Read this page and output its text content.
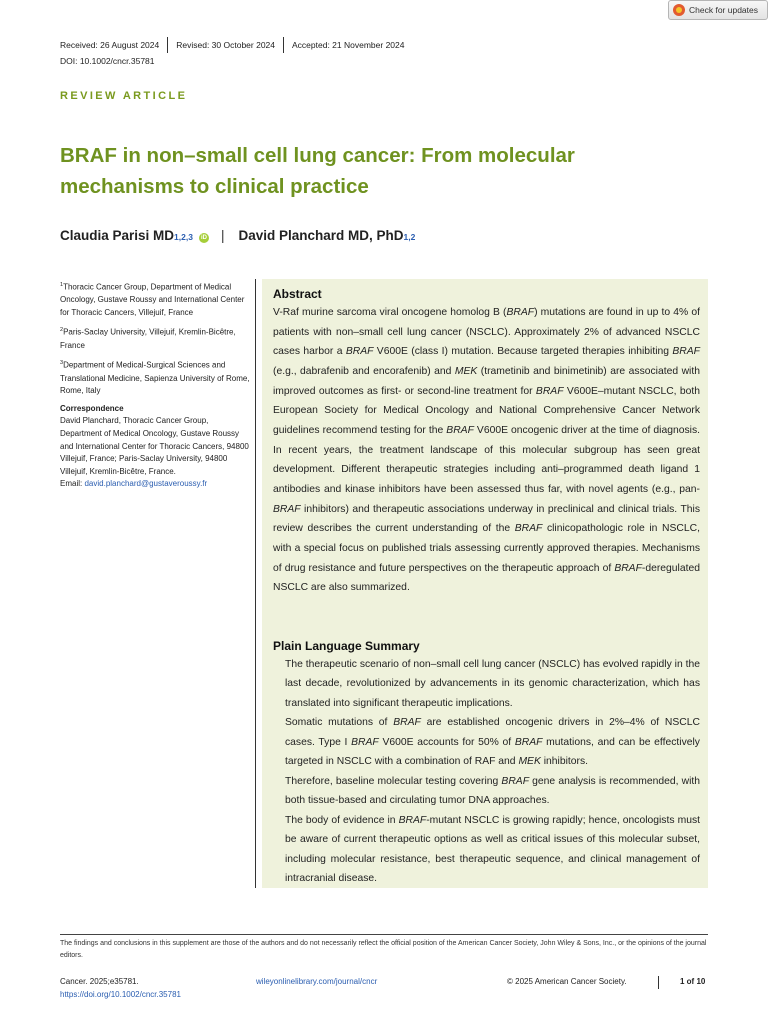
Check for updates
Received: 26 August 2024	Revised: 30 October 2024	Accepted: 21 November 2024
DOI: 10.1002/cncr.35781
REVIEW ARTICLE
BRAF in non–small cell lung cancer: From molecular mechanisms to clinical practice
Claudia Parisi MD 1,2,3	iD | David Planchard MD, PhD 1,2

$^1$Thoracic Cancer Group, Department of Medical Oncology, Gustave Roussy and International Center for Thoracic Cancers, Villejuif, France

$^2$Paris-Saclay University, Villejuif, Kremlin-Bicêtre, France

$^3$Department of Medical-Surgical Sciences and Translational Medicine, Sapienza University of Rome, Rome, Italy

Correspondence
David Planchard, Thoracic Cancer Group, Department of Medical Oncology, Gustave Roussy and International Center for Thoracic Cancers, 94800 Villejuif, France; Paris-Saclay University, 94800 Villejuif, Kremlin-Bicêtre, France.
Email: david.planchard@gustaveroussy.fr
Abstract
V-Raf murine sarcoma viral oncogene homolog B (BRAF) mutations are found in up to 4% of patients with non–small cell lung cancer (NSCLC). Approximately 2% of advanced NSCLC cases harbor a BRAF V600E (class I) mutation. Because targeted therapies inhibiting BRAF (e.g., dabrafenib and encorafenib) and MEK (trametinib and binimetinib) are associated with improved outcomes as first- or second-line treatment for BRAF V600E–mutant NSCLC, both European Society for Medical Oncology and National Comprehensive Cancer Network guidelines recommend testing for the BRAF V600E oncogenic driver at the time of diagnosis. In recent years, the treatment landscape of this molecular subgroup has seen great development. Different therapeutic strategies including anti–programmed death ligand 1 antibodies and kinase inhibitors have been assessed thus far, with novel agents (e.g., pan-BRAF inhibitors) and therapeutic associations underway in preclinical and clinical trials. This review describes the current understanding of the BRAF clinicopathologic role in NSCLC, with a special focus on published trials assessing currently approved therapies. Mechanisms of drug resistance and future perspectives on the therapeutic approach of BRAF-deregulated NSCLC are also summarized.
Plain Language Summary
The therapeutic scenario of non–small cell lung cancer (NSCLC) has evolved rapidly in the last decade, revolutionized by advancements in its genomic characterization, which has translated into significant therapeutic implications.
Somatic mutations of BRAF are established oncogenic drivers in 2%–4% of NSCLC cases. Type I BRAF V600E accounts for 50% of BRAF mutations, and can be effectively targeted in NSCLC with a combination of RAF and MEK inhibitors.
Therefore, baseline molecular testing covering BRAF gene analysis is recommended, with both tissue-based and circulating tumor DNA approaches.
The body of evidence in BRAF-mutant NSCLC is growing rapidly; hence, oncologists must be aware of current therapeutic options as well as critical issues of this molecular subset, including molecular resistance, best therapeutic sequence, and clinical management of intracranial disease.
The findings and conclusions in this supplement are those of the authors and do not necessarily reflect the official position of the American Cancer Society, John Wiley & Sons, Inc., or the opinions of the journal editors.
Cancer. 2025;e35781.
https://doi.org/10.1002/cncr.35781
wileyonlinelibrary.com/journal/cncr	© 2025 American Cancer Society.	1 of 10
